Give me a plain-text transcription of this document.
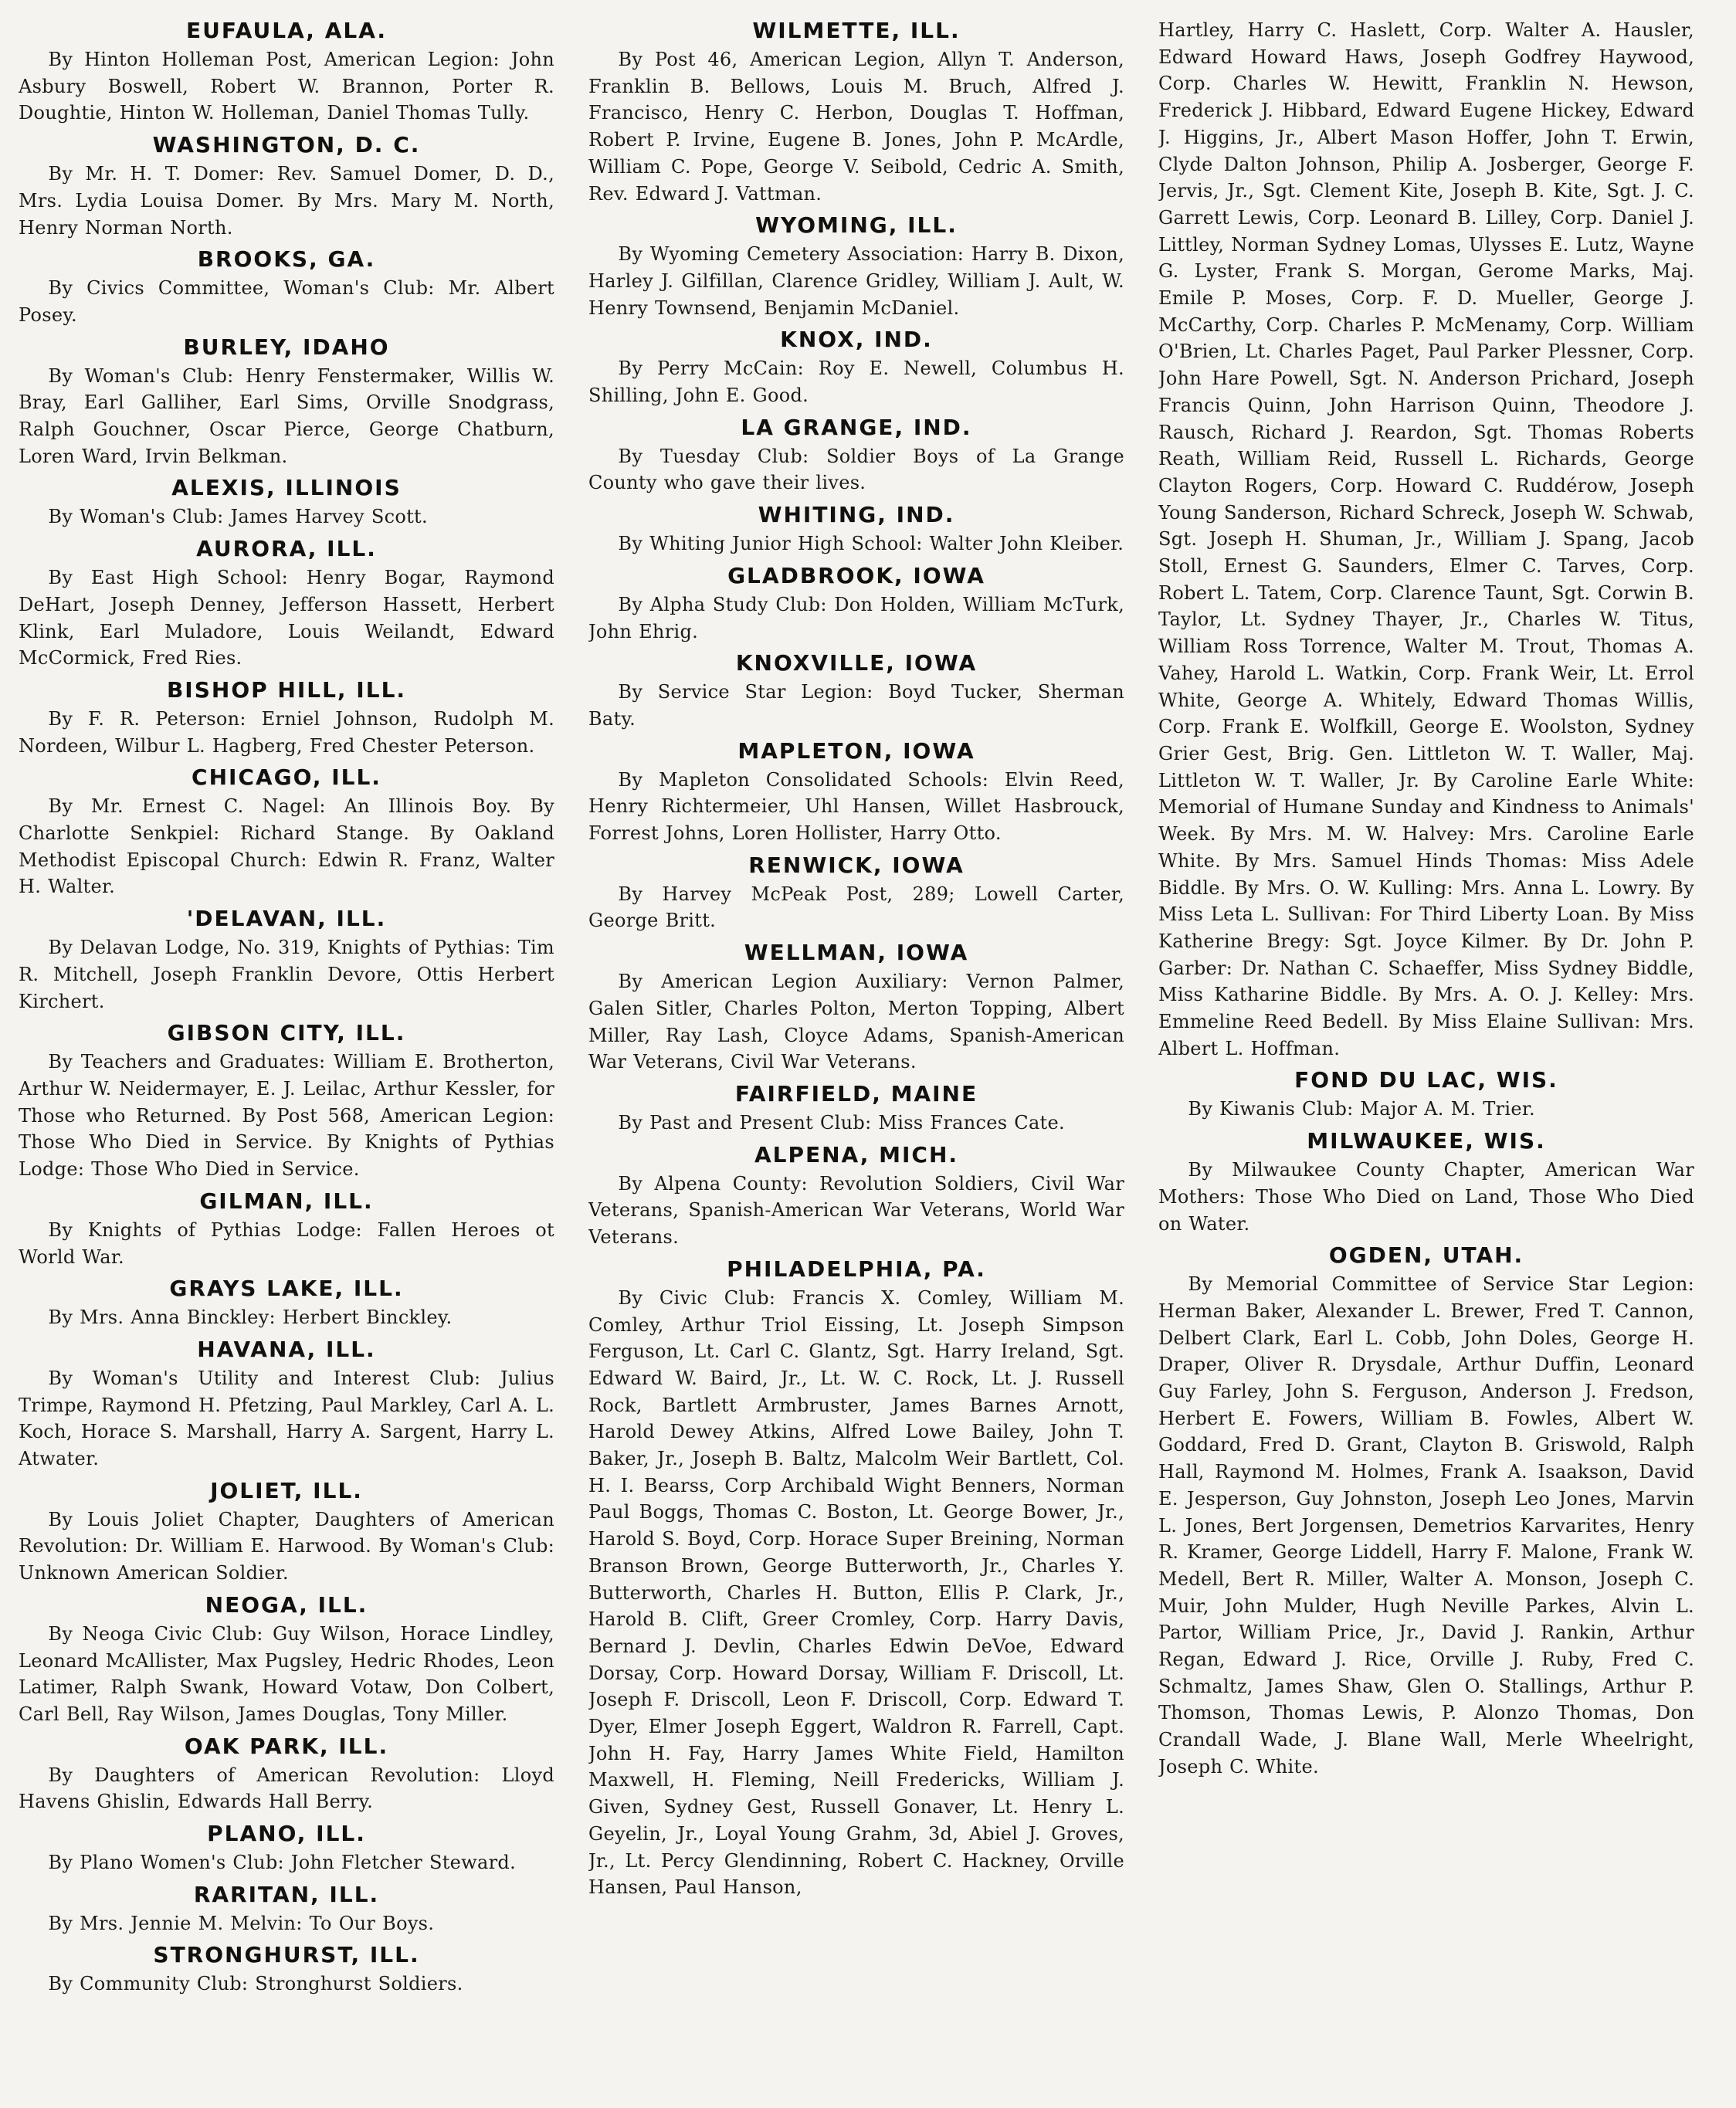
EUFAULA, ALA.

By Hinton Holleman Post, American Legion: John Asbury Boswell, Robert W. Brannon, Porter R. Doughtie, Hinton W. Holleman, Daniel Thomas Tully.

WASHINGTON, D. C.

By Mr. H. T. Domer: Rev. Samuel Domer, D. D., Mrs. Lydia Louisa Domer. By Mrs. Mary M. North, Henry Norman North.

BROOKS, GA.

By Civics Committee, Woman's Club: Mr. Albert Posey.

BURLEY, IDAHO

By Woman's Club: Henry Fenstermaker, Willis W. Bray, Earl Galliher, Earl Sims, Orville Snodgrass, Ralph Gouchner, Oscar Pierce, George Chatburn, Loren Ward, Irvin Belkman.

ALEXIS, ILLINOIS

By Woman's Club: James Harvey Scott.

AURORA, ILL.

By East High School: Henry Bogar, Raymond DeHart, Joseph Denney, Jefferson Hassett, Herbert Klink, Earl Muladore, Louis Weilandt, Edward McCormick, Fred Ries.

BISHOP HILL, ILL.

By F. R. Peterson: Erniel Johnson, Rudolph M. Nordeen, Wilbur L. Hagberg, Fred Chester Peterson.

CHICAGO, ILL.

By Mr. Ernest C. Nagel: An Illinois Boy. By Charlotte Senkpiel: Richard Stange. By Oakland Methodist Episcopal Church: Edwin R. Franz, Walter H. Walter.

'DELAVAN, ILL.

By Delavan Lodge, No. 319, Knights of Pythias: Tim R. Mitchell, Joseph Franklin Devore, Ottis Herbert Kirchert.

GIBSON CITY, ILL.

By Teachers and Graduates: William E. Brotherton, Arthur W. Neidermayer, E. J. Leilac, Arthur Kessler, for Those who Returned. By Post 568, American Legion: Those Who Died in Service. By Knights of Pythias Lodge: Those Who Died in Service.

GILMAN, ILL.

By Knights of Pythias Lodge: Fallen Heroes ot World War.

GRAYS LAKE, ILL.

By Mrs. Anna Binckley: Herbert Binckley.

HAVANA, ILL.

By Woman's Utility and Interest Club: Julius Trimpe, Raymond H. Pfetzing, Paul Markley, Carl A. L. Koch, Horace S. Marshall, Harry A. Sargent, Harry L. Atwater.

JOLIET, ILL.

By Louis Joliet Chapter, Daughters of American Revolution: Dr. William E. Harwood. By Woman's Club: Unknown American Soldier.

NEOGA, ILL.

By Neoga Civic Club: Guy Wilson, Horace Lindley, Leonard McAllister, Max Pugsley, Hedric Rhodes, Leon Latimer, Ralph Swank, Howard Votaw, Don Colbert, Carl Bell, Ray Wilson, James Douglas, Tony Miller.

OAK PARK, ILL.

By Daughters of American Revolution: Lloyd Havens Ghislin, Edwards Hall Berry.

PLANO, ILL.

By Plano Women's Club: John Fletcher Steward.

RARITAN, ILL.

By Mrs. Jennie M. Melvin: To Our Boys.

STRONGHURST, ILL.

By Community Club: Stronghurst Soldiers.

WILMETTE, ILL.

By Post 46, American Legion, Allyn T. Anderson, Franklin B. Bellows, Louis M. Bruch, Alfred J. Francisco, Henry C. Herbon, Douglas T. Hoffman, Robert P. Irvine, Eugene B. Jones, John P. McArdle, William C. Pope, George V. Seibold, Cedric A. Smith, Rev. Edward J. Vattman.

WYOMING, ILL.

By Wyoming Cemetery Association: Harry B. Dixon, Harley J. Gilfillan, Clarence Gridley, William J. Ault, W. Henry Townsend, Benjamin McDaniel.

KNOX, IND.

By Perry McCain: Roy E. Newell, Columbus H. Shilling, John E. Good.

LA GRANGE, IND.

By Tuesday Club: Soldier Boys of La Grange County who gave their lives.

WHITING, IND.

By Whiting Junior High School: Walter John Kleiber.

GLADBROOK, IOWA

By Alpha Study Club: Don Holden, William McTurk, John Ehrig.

KNOXVILLE, IOWA

By Service Star Legion: Boyd Tucker, Sherman Baty.

MAPLETON, IOWA

By Mapleton Consolidated Schools: Elvin Reed, Henry Richtermeier, Uhl Hansen, Willet Hasbrouck, Forrest Johns, Loren Hollister, Harry Otto.

RENWICK, IOWA

By Harvey McPeak Post, 289; Lowell Carter, George Britt.

WELLMAN, IOWA

By American Legion Auxiliary: Vernon Palmer, Galen Sitler, Charles Polton, Merton Topping, Albert Miller, Ray Lash, Cloyce Adams, Spanish-American War Veterans, Civil War Veterans.

FAIRFIELD, MAINE

By Past and Present Club: Miss Frances Cate.

ALPENA, MICH.

By Alpena County: Revolution Soldiers, Civil War Veterans, Spanish-American War Veterans, World War Veterans.

PHILADELPHIA, PA.

By Civic Club: Francis X. Comley, William M. Comley, Arthur Triol Eissing, Lt. Joseph Simpson Ferguson, Lt. Carl C. Glantz, Sgt. Harry Ireland, Sgt. Edward W. Baird, Jr., Lt. W. C. Rock, Lt. J. Russell Rock, Bartlett Armbruster, James Barnes Arnott, Harold Dewey Atkins, Alfred Lowe Bailey, John T. Baker, Jr., Joseph B. Baltz, Malcolm Weir Bartlett, Col. H. I. Bearss, Corp Archibald Wight Benners, Norman Paul Boggs, Thomas C. Boston, Lt. George Bower, Jr., Harold S. Boyd, Corp. Horace Super Breining, Norman Branson Brown, George Butterworth, Jr., Charles Y. Butterworth, Charles H. Button, Ellis P. Clark, Jr., Harold B. Clift, Greer Cromley, Corp. Harry Davis, Bernard J. Devlin, Charles Edwin DeVoe, Edward Dorsay, Corp. Howard Dorsay, William F. Driscoll, Lt. Joseph F. Driscoll, Leon F. Driscoll, Corp. Edward T. Dyer, Elmer Joseph Eggert, Waldron R. Farrell, Capt. John H. Fay, Harry James White Field, Hamilton Maxwell, H. Fleming, Neill Fredericks, William J. Given, Sydney Gest, Russell Gonaver, Lt. Henry L. Geyelin, Jr., Loyal Young Grahm, 3d, Abiel J. Groves, Jr., Lt. Percy Glendinning, Robert C. Hackney, Orville Hansen, Paul Hanson,

Hartley, Harry C. Haslett, Corp. Walter A. Hausler, Edward Howard Haws, Joseph Godfrey Haywood, Corp. Charles W. Hewitt, Franklin N. Hewson, Frederick J. Hibbard, Edward Eugene Hickey, Edward J. Higgins, Jr., Albert Mason Hoffer, John T. Erwin, Clyde Dalton Johnson, Philip A. Josberger, George F. Jervis, Jr., Sgt. Clement Kite, Joseph B. Kite, Sgt. J. C. Garrett Lewis, Corp. Leonard B. Lilley, Corp. Daniel J. Littley, Norman Sydney Lomas, Ulysses E. Lutz, Wayne G. Lyster, Frank S. Morgan, Gerome Marks, Maj. Emile P. Moses, Corp. F. D. Mueller, George J. McCarthy, Corp. Charles P. McMenamy, Corp. William O'Brien, Lt. Charles Paget, Paul Parker Plessner, Corp. John Hare Powell, Sgt. N. Anderson Prichard, Joseph Francis Quinn, John Harrison Quinn, Theodore J. Rausch, Richard J. Reardon, Sgt. Thomas Roberts Reath, William Reid, Russell L. Richards, George Clayton Rogers, Corp. Howard C. Ruddérow, Joseph Young Sanderson, Richard Schreck, Joseph W. Schwab, Sgt. Joseph H. Shuman, Jr., William J. Spang, Jacob Stoll, Ernest G. Saunders, Elmer C. Tarves, Corp. Robert L. Tatem, Corp. Clarence Taunt, Sgt. Corwin B. Taylor, Lt. Sydney Thayer, Jr., Charles W. Titus, William Ross Torrence, Walter M. Trout, Thomas A. Vahey, Harold L. Watkin, Corp. Frank Weir, Lt. Errol White, George A. Whitely, Edward Thomas Willis, Corp. Frank E. Wolfkill, George E. Woolston, Sydney Grier Gest, Brig. Gen. Littleton W. T. Waller, Maj. Littleton W. T. Waller, Jr. By Caroline Earle White: Memorial of Humane Sunday and Kindness to Animals' Week. By Mrs. M. W. Halvey: Mrs. Caroline Earle White. By Mrs. Samuel Hinds Thomas: Miss Adele Biddle. By Mrs. O. W. Kulling: Mrs. Anna L. Lowry. By Miss Leta L. Sullivan: For Third Liberty Loan. By Miss Katherine Bregy: Sgt. Joyce Kilmer. By Dr. John P. Garber: Dr. Nathan C. Schaeffer, Miss Sydney Biddle, Miss Katharine Biddle. By Mrs. A. O. J. Kelley: Mrs. Emmeline Reed Bedell. By Miss Elaine Sullivan: Mrs. Albert L. Hoffman.

FOND DU LAC, WIS.

By Kiwanis Club: Major A. M. Trier.

MILWAUKEE, WIS.

By Milwaukee County Chapter, American War Mothers: Those Who Died on Land, Those Who Died on Water.

OGDEN, UTAH.

By Memorial Committee of Service Star Legion: Herman Baker, Alexander L. Brewer, Fred T. Cannon, Delbert Clark, Earl L. Cobb, John Doles, George H. Draper, Oliver R. Drysdale, Arthur Duffin, Leonard Guy Farley, John S. Ferguson, Anderson J. Fredson, Herbert E. Fowers, William B. Fowles, Albert W. Goddard, Fred D. Grant, Clayton B. Griswold, Ralph Hall, Raymond M. Holmes, Frank A. Isaakson, David E. Jesperson, Guy Johnston, Joseph Leo Jones, Marvin L. Jones, Bert Jorgensen, Demetrios Karvarites, Henry R. Kramer, George Liddell, Harry F. Malone, Frank W. Medell, Bert R. Miller, Walter A. Monson, Joseph C. Muir, John Mulder, Hugh Neville Parkes, Alvin L. Partor, William Price, Jr., David J. Rankin, Arthur Regan, Edward J. Rice, Orville J. Ruby, Fred C. Schmaltz, James Shaw, Glen O. Stallings, Arthur P. Thomson, Thomas Lewis, P. Alonzo Thomas, Don Crandall Wade, J. Blane Wall, Merle Wheelright, Joseph C. White.
